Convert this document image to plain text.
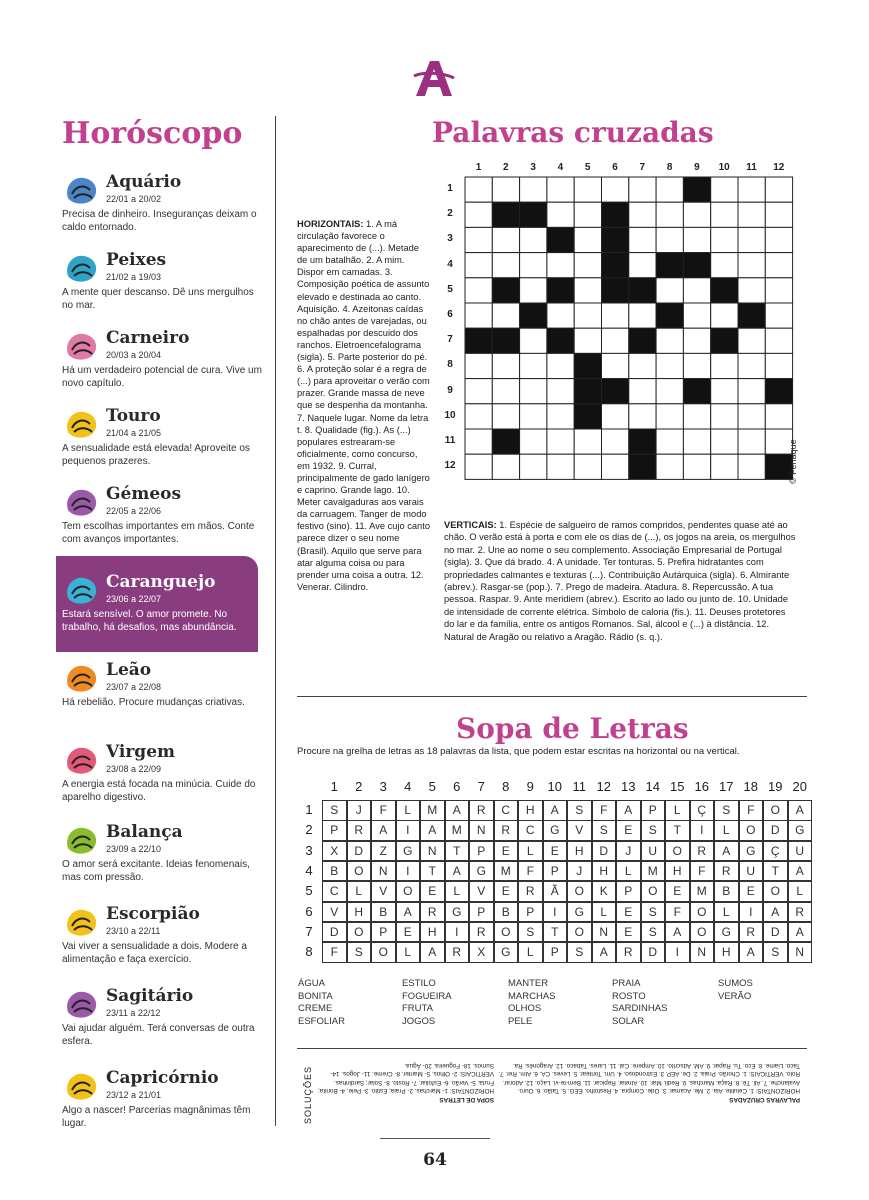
Horóscopo
Aquário
22/01 a 20/02
Precisa de dinheiro. Inseguranças deixam o caldo entornado.
Peixes
21/02 a 19/03
A mente quer descanso. Dê uns mergulhos no mar.
Carneiro
20/03 a 20/04
Há um verdadeiro potencial de cura. Vive um novo capítulo.
Touro
21/04 a 21/05
A sensualidade está elevada! Aproveite os pequenos prazeres.
Gémeos
22/05 a 22/06
Tem escolhas importantes em mãos. Conte com avanços importantes.
Caranguejo
23/06 a 22/07
Estará sensível. O amor promete. No trabalho, há desafios, mas abundância.
Leão
23/07 a 22/08
Há rebelião. Procure mudanças criativas.
Virgem
23/08 a 22/09
A energia está focada na minúcia. Cuide do aparelho digestivo.
Balança
23/09 a 22/10
O amor será excitante. Ideias fenomenais, mas com pressão.
Escorpião
23/10 a 22/11
Vai viver a sensualidade a dois. Modere a alimentação e faça exercício.
Sagitário
23/11 a 22/12
Vai ajudar alguém. Terá conversas de outra esfera.
Capricórnio
23/12 a 21/01
Algo a nascer! Parcerias magnânimas têm lugar.
Palavras cruzadas
1	2	3	4	5	6	7	8	9	10	11	12
1
2
3
4
5
6
7
8
9
10
11
12	© Feriaque
HORIZONTAIS: 1. A má circulação favorece o aparecimento de (...). Metade de um batalhão. 2. A mim. Dispor em camadas. 3. Composição poética de assunto elevado e destinada ao canto. Aquisição. 4. Azeitonas caídas no chão antes de varejadas, ou espalhadas por descuido dos ranchos. Eletroencefalograma (sigla). 5. Parte posterior do pé. 6. A proteção solar é a regra de (...) para aproveitar o verão com prazer. Grande massa de neve que se despenha da montanha. 7. Naquele lugar. Nome da letra t. 8. Qualidade (fig.). As (...) populares estrearam-se oficialmente, como concurso, em 1932. 9. Curral, principalmente de gado lanígero e caprino. Grande lago. 10. Meter cavalgaduras aos varais da carruagem. Tanger de modo festivo (sino). 11. Ave cujo canto parece dizer o seu nome (Brasil). Aquilo que serve para atar alguma coisa ou para prender uma coisa a outra. 12. Venerar. Cilindro.
VERTICAIS: 1. Espécie de salgueiro de ramos compridos, pendentes quase até ao chão. O verão está à porta e com ele os dias de (...), os jogos na areia, os mergulhos no mar. 2. Une ao nome o seu complemento. Associação Empresarial de Portugal (sigla). 3. Que dá brado. 4. A unidade. Ter tonturas. 5. Prefira hidratantes com propriedades calmantes e texturas (...). Contribuição Autárquica (sigla). 6. Almirante (abrev.). Rasgar-se (pop.). 7. Prego de madeira. Atadura. 8. Repercussão. A tua pessoa. Raspar. 9. Ante meridiem (abrev.). Escrito ao lado ou junto de. 10. Unidade de intensidade de corrente elétrica. Símbolo de caloria (fis.). 11. Deuses protetores do lar e da família, entre os antigos Romanos. Sal, álcool e (...) à distância. 12. Natural de Aragão ou relativo a Aragão. Rádio (s. q.).
Sopa de Letras
Procure na grelha de letras as 18 palavras da lista, que podem estar escritas na horizontal ou na vertical.
1	2	3	4	5	6	7	8	9	10 11 12 13 14 15 16 17 18 19 20
1
2
3
4
5
6
7
8
S	J	F	L	M	A	R	C	H	A	S	F	A	P	L	Ç	S	F	O	A
P	R	A	I	A	M	N	R	C	G	V	S	E	S	T	I	L	O	D	G
X	D	Z	G	N	T	P	E	L	E	H	D	J	U	O	R	A	G	Ç	U
B	O	N	I	T	A	G	M	F	P	J	H	L	M	H	F	R	U	T	A
C	L	V	O	E	L	V	E	R	Ã	O	K	P	O	E	M	B	E	O	L
V	H	B	A	R	G	P	B	P	I	G	L	E	S	F	O	L	I	A	R
D	O	P	E	H	I	R	O	S	T	O	N	E	S	A	O	G	R	D	A
F	S	O	L	A	R	X	G	L	P	S	A	R	D	I	N	H	A	S	N
ÁGUA
BONITA
CREME
ESFOLIAR
ESTILO
FOGUEIRA
FRUTA
JOGOS
MANTER
MARCHAS
OLHOS
PELE
PRAIA
ROSTO
SARDINHAS
SOLAR
SUMOS
VERÃO
SOLUÇÕES	SOPA DE LETRAS
HORIZONTAIS: 1- Marchas. 2- Praia; Estilo. 3- Pele. 4- Bonita; Fruta. 5- Verão. 6- Esfoliar. 7- Rosto. 8- Solar; Sardinhas. VERTICAIS: 2- Olhos. 5- Manter. 8- Creme. 11- Jogos. 14- Sumos. 18- Fogueira. 20- Água.
PALAVRAS CRUZADAS
HORIZONTAIS: 1. Celulite. Ala. 2. Me. Acamar. 3. Ode. Compra. 4. Restolho. EEG. 5. Talão. 6. Ouro. Avalanche. 7. Ali. Tê. 8. Raça. Marchas. 9. Redil. Mar. 10. Atrelar. Repicar. 11. Bem-te-vi. Laço. 12. Adorar. Rolo. VERTICAIS: 1. Chorão. Praia. 2. De. AEP. 3. Estrondoso. 4. Um. Tontear. 5. Leves. CA. 6. Alm. Rer. 7. Taco. Liame. 8. Eco. Tu. Rapar. 9. AM. Adscrito. 10. Ampere. Cal. 11. Lares. Tabaco. 12. Aragonês. Ra.
64
